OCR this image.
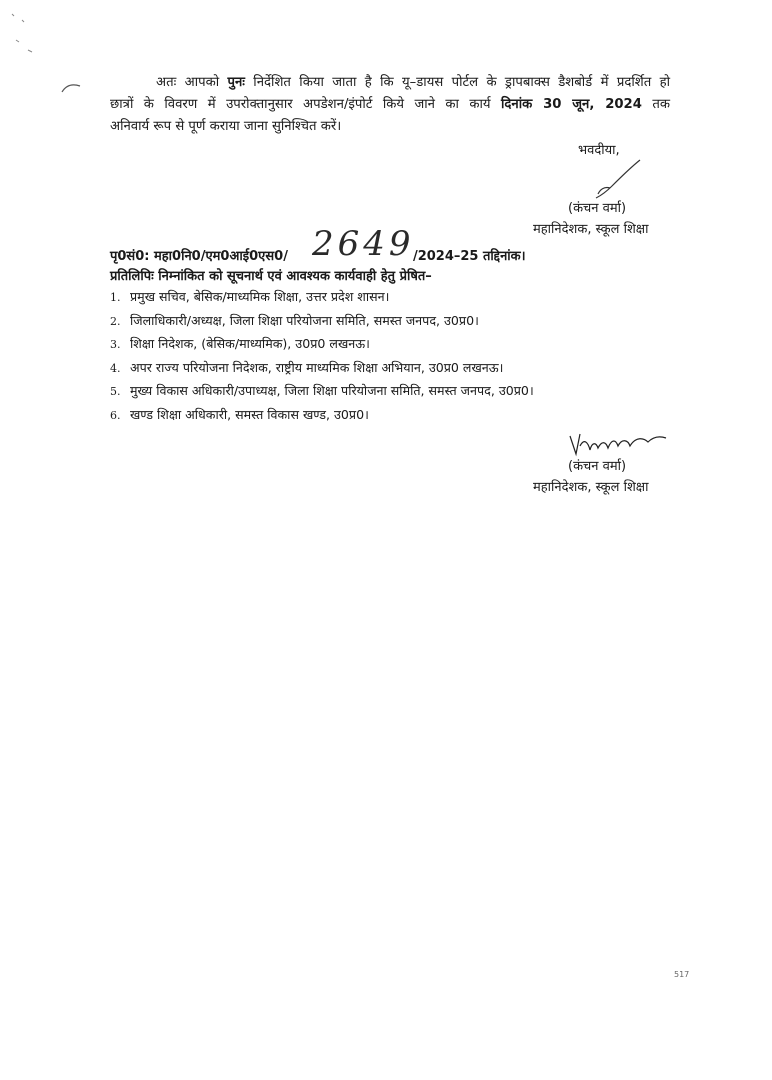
अतः आपको पुनः निर्देशित किया जाता है कि यू–डायस पोर्टल के ड्रापबाक्स डैशबोर्ड में प्रदर्शित हो
छात्रों के विवरण में उपरोक्तानुसार अपडेशन/इंपोर्ट किये जाने का कार्य दिनांक 30 जून, 2024 तक
अनिवार्य रूप से पूर्ण कराया जाना सुनिश्चित करें।
भवदीया,
(कंचन वर्मा)
महानिदेशक, स्कूल शिक्षा
पृ0सं0: महा0नि0/एम0आई0एस0/	/2024–25 तद्दिनांक।
2649
प्रतिलिपिः निम्नांकित को सूचनार्थ एवं आवश्यक कार्यवाही हेतु प्रेषित–
1. प्रमुख सचिव, बेसिक/माध्यमिक शिक्षा, उत्तर प्रदेश शासन।
2. जिलाधिकारी/अध्यक्ष, जिला शिक्षा परियोजना समिति, समस्त जनपद, उ0प्र0।
3. शिक्षा निदेशक, (बेसिक/माध्यमिक), उ0प्र0 लखनऊ।
4. अपर राज्य परियोजना निदेशक, राष्ट्रीय माध्यमिक शिक्षा अभियान, उ0प्र0 लखनऊ।
5. मुख्य विकास अधिकारी/उपाध्यक्ष, जिला शिक्षा परियोजना समिति, समस्त जनपद, उ0प्र0।
6. खण्ड शिक्षा अधिकारी, समस्त विकास खण्ड, उ0प्र0।
(कंचन वर्मा)
महानिदेशक, स्कूल शिक्षा
517
